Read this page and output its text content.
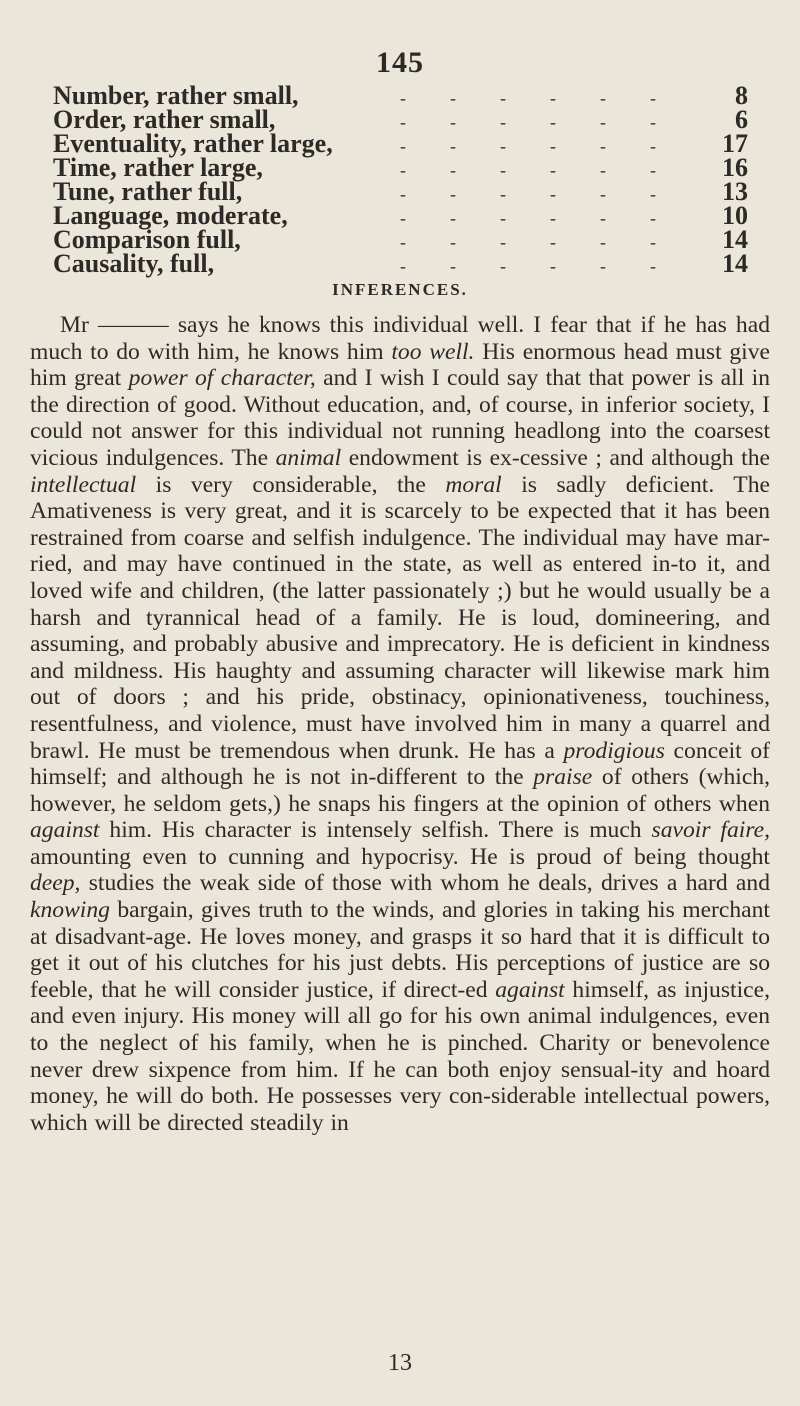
145
Number, rather small,	------	8
Order, rather small,	------	6
Eventuality, rather large,	------ 17
Time, rather large,	------ 16
Tune, rather full,	------ 13
Language, moderate,	------ 10
Comparison full,	------ 14
Causality, full,	------ 14
INFERENCES.

Mr ——— says he knows this individual well. I fear that if he has had much to do with him, he knows him too well. His enormous head must give him great power of character, and I wish I could say that that power is all in the direction of good. Without education, and, of course, in inferior society, I could not answer for this individual not running headlong into the coarsest vicious indulgences. The animal endowment is ex-cessive ; and although the intellectual is very considerable, the moral is sadly deficient. The Amativeness is very great, and it is scarcely to be expected that it has been restrained from coarse and selfish indulgence. The individual may have mar-ried, and may have continued in the state, as well as entered in-to it, and loved wife and children, (the latter passionately ;) but he would usually be a harsh and tyrannical head of a family. He is loud, domineering, and assuming, and probably abusive and imprecatory. He is deficient in kindness and mildness. His haughty and assuming character will likewise mark him out of doors ; and his pride, obstinacy, opinionativeness, touchiness, resentfulness, and violence, must have involved him in many a quarrel and brawl. He must be tremendous when drunk. He has a prodigious conceit of himself; and although he is not in-different to the praise of others (which, however, he seldom gets,) he snaps his fingers at the opinion of others when against him. His character is intensely selfish. There is much savoir faire, amounting even to cunning and hypocrisy. He is proud of being thought deep, studies the weak side of those with whom he deals, drives a hard and knowing bargain, gives truth to the winds, and glories in taking his merchant at disadvant-age. He loves money, and grasps it so hard that it is difficult to get it out of his clutches for his just debts. His perceptions of justice are so feeble, that he will consider justice, if direct-ed against himself, as injustice, and even injury. His money will all go for his own animal indulgences, even to the neglect of his family, when he is pinched. Charity or benevolence never drew sixpence from him. If he can both enjoy sensual-ity and hoard money, he will do both. He possesses very con-siderable intellectual powers, which will be directed steadily in

13
